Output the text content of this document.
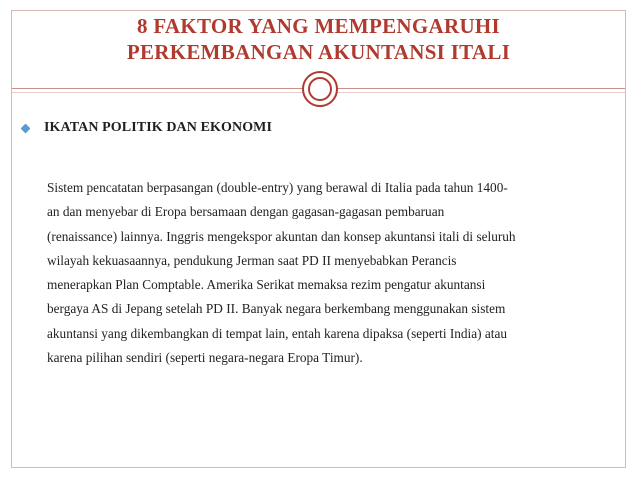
8 FAKTOR YANG MEMPENGARUHI
PERKEMBANGAN AKUNTANSI ITALI
IKATAN POLITIK DAN EKONOMI
Sistem pencatatan berpasangan (double-entry) yang berawal di Italia pada tahun 1400-
an dan menyebar di Eropa bersamaan dengan gagasan-gagasan pembaruan
(renaissance) lainnya. Inggris mengekspor akuntan dan konsep akuntansi itali di seluruh
wilayah kekuasaannya, pendukung Jerman saat PD II menyebabkan Perancis
menerapkan Plan Comptable. Amerika Serikat memaksa rezim pengatur akuntansi
bergaya AS di Jepang setelah PD II. Banyak negara berkembang menggunakan sistem
akuntansi yang dikembangkan di tempat lain, entah karena dipaksa (seperti India) atau
karena pilihan sendiri (seperti negara-negara Eropa Timur).
